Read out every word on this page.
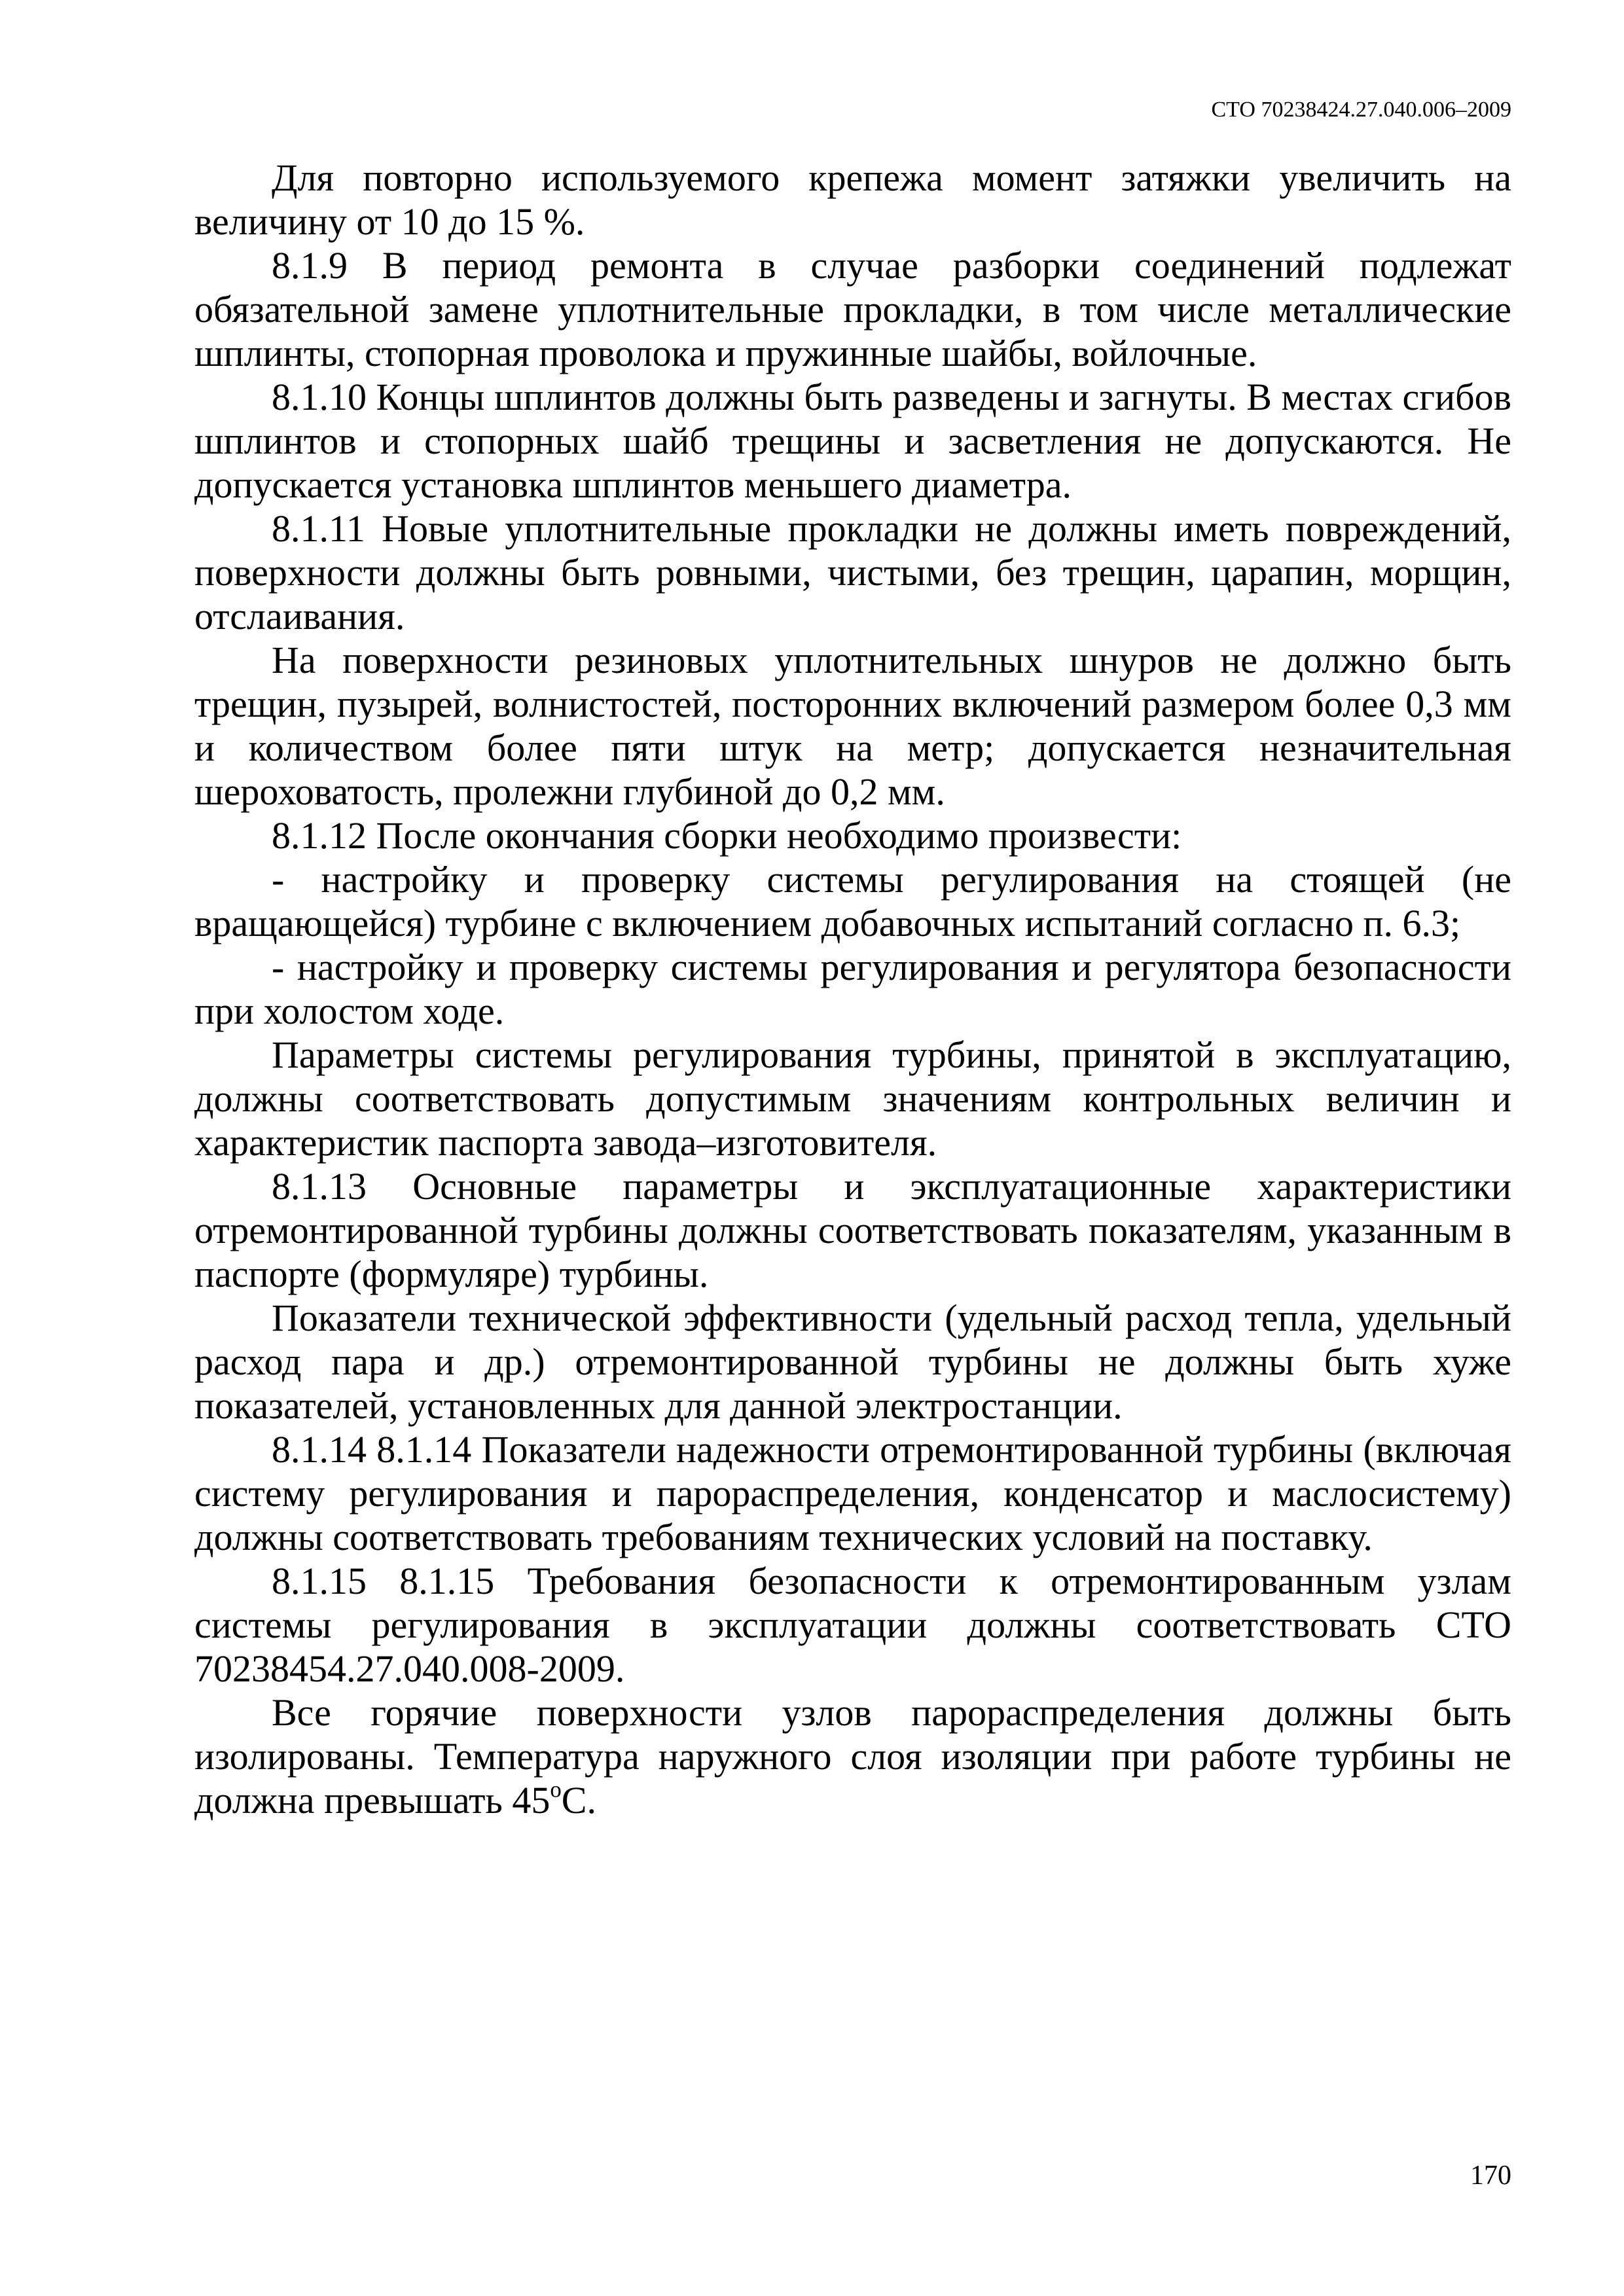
СТО 70238424.27.040.006–2009

Для повторно используемого крепежа момент затяжки увеличить на величину от 10 до 15 %.

8.1.9 В период ремонта в случае разборки соединений подлежат обязательной замене уплотнительные прокладки, в том числе металлические шплинты, стопорная проволока и пружинные шайбы, войлочные.

8.1.10 Концы шплинтов должны быть разведены и загнуты. В местах сгибов шплинтов и стопорных шайб трещины и засветления не допускаются. Не допускается установка шплинтов меньшего диаметра.

8.1.11 Новые уплотнительные прокладки не должны иметь повреждений, поверхности должны быть ровными, чистыми, без трещин, царапин, морщин, отслаивания.

На поверхности резиновых уплотнительных шнуров не должно быть трещин, пузырей, волнистостей, посторонних включений размером более 0,3 мм и количеством более пяти штук на метр; допускается незначительная шероховатость, пролежни глубиной до 0,2 мм.

8.1.12 После окончания сборки необходимо произвести:

- настройку и проверку системы регулирования на стоящей (не вращающейся) турбине с включением добавочных испытаний согласно п. 6.3;

- настройку и проверку системы регулирования и регулятора безопасности при холостом ходе.

Параметры системы регулирования турбины, принятой в эксплуатацию, должны соответствовать допустимым значениям контрольных величин и характеристик паспорта завода–изготовителя.

8.1.13 Основные параметры и эксплуатационные характеристики отремонтированной турбины должны соответствовать показателям, указанным в паспорте (формуляре) турбины.

Показатели технической эффективности (удельный расход тепла, удельный расход пара и др.) отремонтированной турбины не должны быть хуже показателей, установленных для данной электростанции.

8.1.14 8.1.14 Показатели надежности отремонтированной турбины (включая систему регулирования и парораспределения, конденсатор и маслосистему) должны соответствовать требованиям технических условий на поставку.

8.1.15 8.1.15 Требования безопасности к отремонтированным узлам системы регулирования в эксплуатации должны соответствовать СТО 70238454.27.040.008-2009.

Все горячие поверхности узлов парораспределения должны быть изолированы. Температура наружного слоя изоляции при работе турбины не должна превышать 45$^o$С.

170
